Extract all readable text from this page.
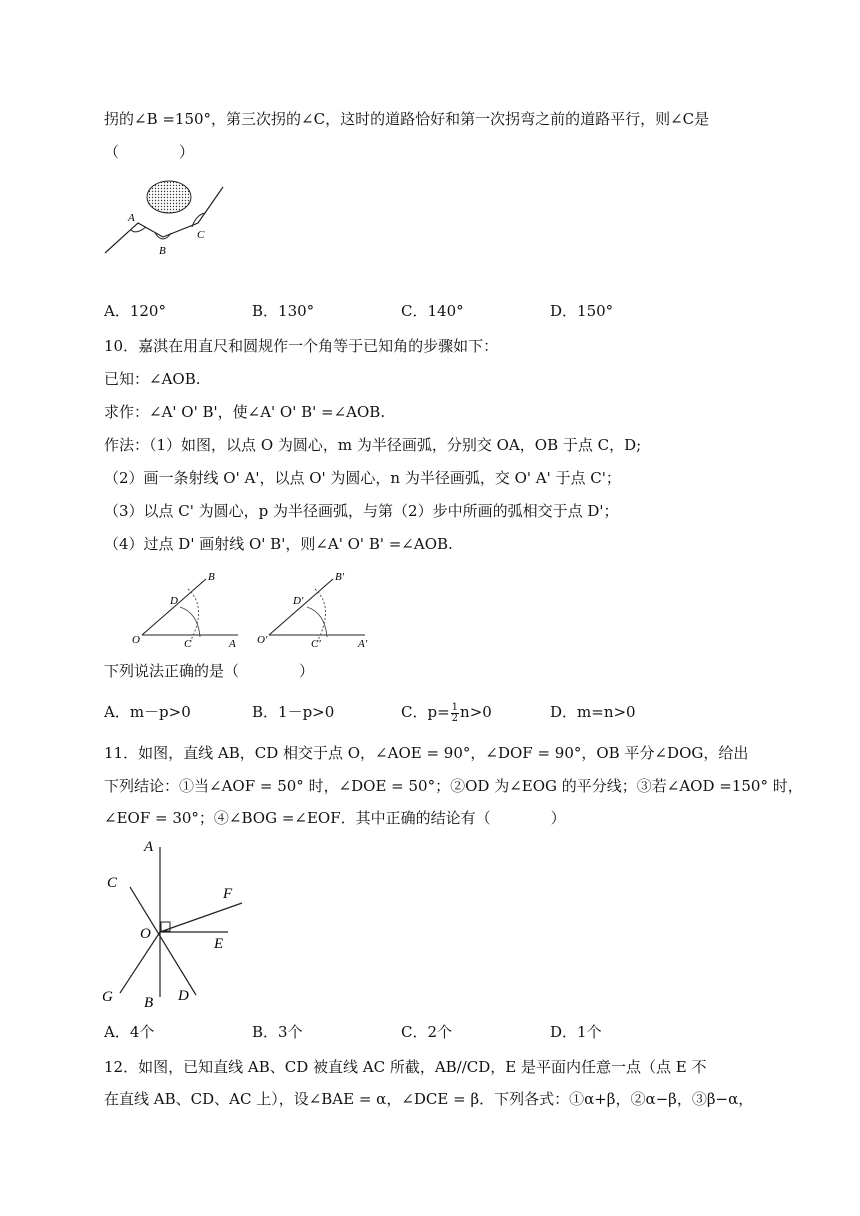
拐的∠B =150°，第三次拐的∠C，这时的道路恰好和第一次拐弯之前的道路平行，则∠C是
（　　　　）
A
B
C
A．120°	B．130°	C．140°	D．150°
10．嘉淇在用直尺和圆规作一个角等于已知角的步骤如下：
已知：∠AOB.
求作：∠A' O' B'，使∠A' O' B' =∠AOB.
作法：（1）如图，以点 O 为圆心，m 为半径画弧，分别交 OA，OB 于点 C，D;
（2）画一条射线 O' A'，以点 O' 为圆心，n 为半径画弧，交 O' A' 于点 C'；
（3）以点 C' 为圆心，p 为半径画弧，与第（2）步中所画的弧相交于点 D'；
（4）过点 D' 画射线 O' B'，则∠A' O' B' =∠AOB.
O	A
B
C
D
O'	A'
B'
C'
D'
下列说法正确的是（　　　　）
A．m－p>0	B．1－p>0	C．$p= \frac{1}{2} n>0$	D．m=n>0
11．如图，直线 AB，CD 相交于点 O，∠AOE = 90°，∠DOF = 90°，OB 平分∠DOG，给出
下列结论：①当∠AOF = 50° 时，∠DOE = 50°；②OD 为∠EOG 的平分线；③若∠AOD =150° 时，
∠EOF = 30°；④∠BOG =∠EOF．其中正确的结论有（　　　　）
A
C
F
O
E
G B D
A．4个	B．3个	C．2个	D．1个
12．如图，已知直线 AB、CD 被直线 AC 所截，AB//CD，E 是平面内任意一点（点 E 不
在直线 AB、CD、AC 上），设∠BAE = α，∠DCE = β．下列各式：①α+β，②α−β，③β−α，
